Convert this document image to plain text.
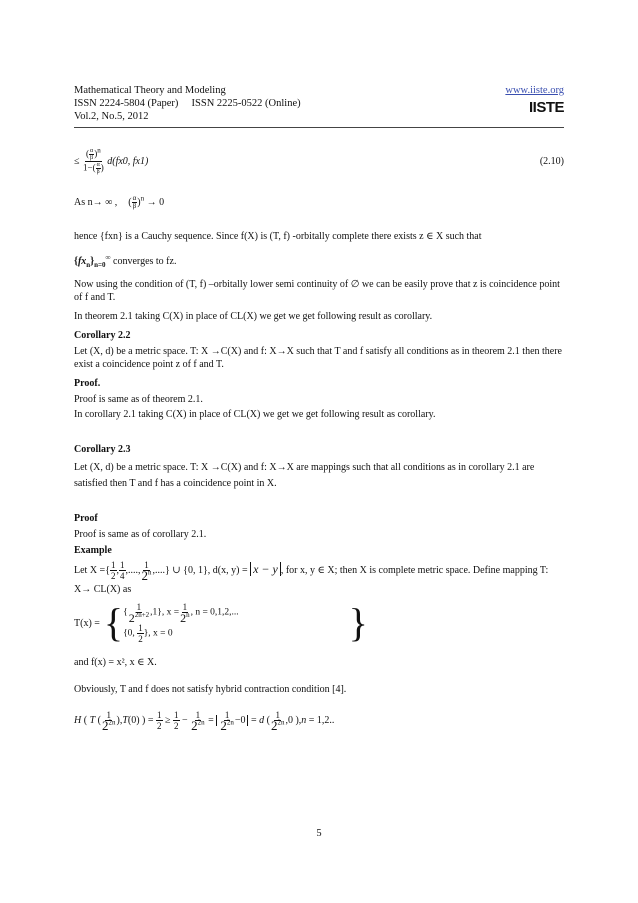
Mathematical Theory and Modeling	www.iiste.org
ISSN 2224-5804 (Paper)     ISSN 2225-0522 (Online)
Vol.2, No.5, 2012
IISTE
≤ $\frac{( \frac{\alpha}{\beta} )^n}{1-( \frac{\alpha}{\beta} )} d(fx0$, fx1)	(2.10)
As n→ ∞ ,  ( $\frac{\alpha}{\beta} )^n \to 0$
hence {fxn} is a Cauchy sequence. Since f(X) is (T, f) -orbitally complete there exists z ∈ X such that
$\{fx_n\}_{n=0}^\infty$ converges to fz.
Now using the condition of (T, f) –orbitally lower semi continuity of ∅ we can be easily prove that z is coincidence point of f and T.
In theorem 2.1 taking C(X) in place of CL(X) we get we get following result as corollary.
Corollary 2.2
Let (X, d) be a metric space. T: X →C(X) and f: X→X such that T and f satisfy all conditions as in theorem 2.1 then there exist a coincidence point z of f and T.
Proof.
Proof is same as of theorem 2.1.
In corollary 2.1 taking C(X) in place of CL(X) we get we get following result as corollary.
Corollary 2.3
Let (X, d) be a metric space. T: X →C(X) and f: X→X are mappings such that all conditions as in corollary 2.1 are satisfied then T and f has a coincidence point in X.
Proof
Proof is same as of corollary 2.1.
Example
Let X ={ $\frac{1}{2}$ , $\frac{1}{4}$ ,...., $\frac{1}{2^n}$ ,....} ∪ {0, 1}, d(x, y) = x − y , for x, y ∈ X; then X is complete metric space. Define mapping T:
X→ CL(X) as
T(x) = { { $\frac{1}{2^{2n+2}} ,1$}, $x = \frac{1}{2^n}$ , n = 0,1,2,...
{0, $\frac{1}{2}$ }, x = 0	}
and f(x) = x², x ∈ X.
Obviously, T and f does not satisfy hybrid contraction condition [4].
H ( T ( $\frac{1}{2^{2n}} ),T(0)$ ) = $\frac{1}{2} \ge \frac{1}{2} - \frac{1}{2^{2n}} = \frac{1}{2^{2n}} -0 = d$ ( $\frac{1}{2^{2n}} ,0$ ),n = 1,2..
5
